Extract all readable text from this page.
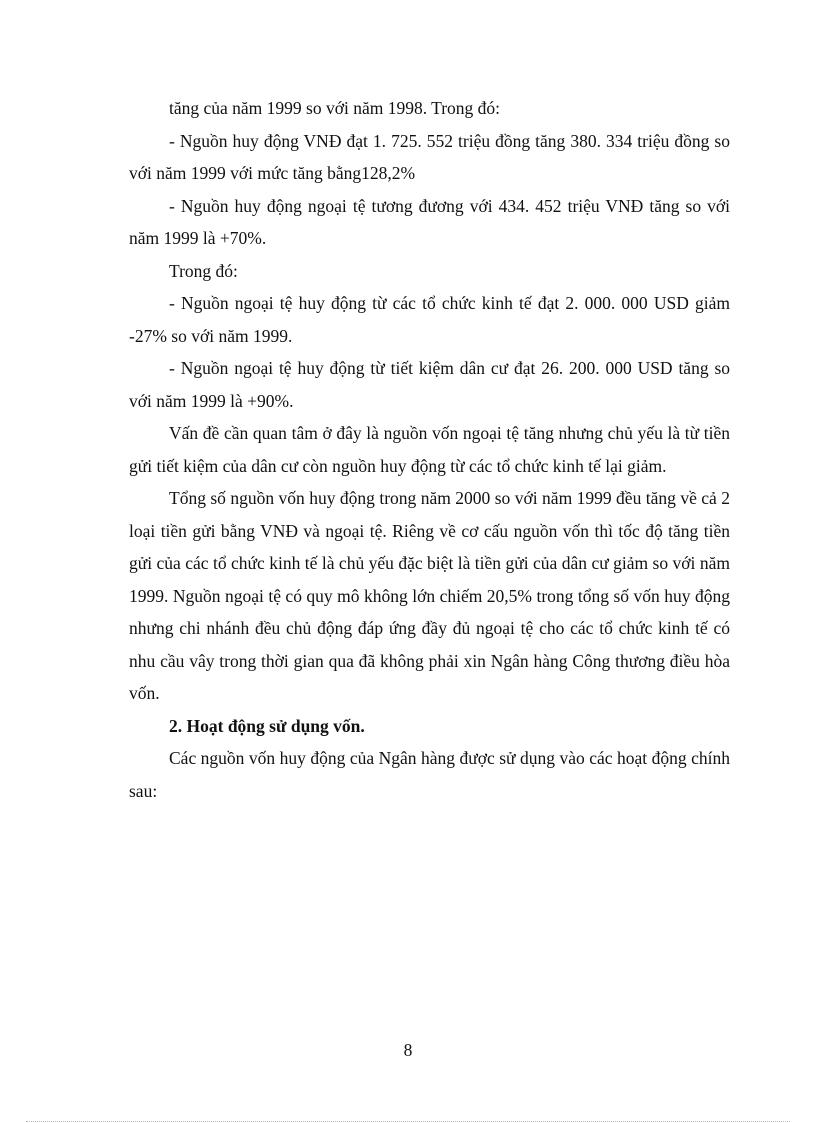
tăng của năm 1999 so với năm 1998. Trong đó:

- Nguồn huy động VNĐ đạt 1. 725. 552 triệu đồng tăng 380. 334 triệu đồng so với năm 1999 với mức tăng bằng128,2%

- Nguồn huy động ngoại tệ tương đương với 434. 452 triệu VNĐ tăng so với năm 1999 là +70%.

Trong đó:

- Nguồn ngoại tệ huy động từ các tổ chức kinh tế đạt 2. 000. 000 USD giảm -27% so với năm 1999.

- Nguồn ngoại tệ huy động từ tiết kiệm dân cư đạt 26. 200. 000 USD tăng so với năm 1999 là +90%.

Vấn đề cần quan tâm ở đây là nguồn vốn ngoại tệ tăng nhưng chủ yếu là từ tiền gửi tiết kiệm của dân cư còn nguồn huy động từ các tổ chức kinh tế lại giảm.

Tổng số nguồn vốn huy động trong năm 2000 so với năm 1999 đều tăng về cả 2 loại tiền gửi bằng VNĐ và ngoại tệ. Riêng về cơ cấu nguồn vốn thì tốc độ tăng tiền gửi của các tổ chức kinh tế là chủ yếu đặc biệt là tiền gửi của dân cư giảm so với năm 1999. Nguồn ngoại tệ có quy mô không lớn chiếm 20,5% trong tổng số vốn huy động nhưng chi nhánh đều chủ động đáp ứng đầy đủ ngoại tệ cho các tổ chức kinh tế có nhu cầu vây trong thời gian qua đã không phải xin Ngân hàng Công thương điều hòa vốn.

2. Hoạt động sử dụng vốn.

Các nguồn vốn huy động của Ngân hàng được sử dụng vào các hoạt động chính sau:

8
